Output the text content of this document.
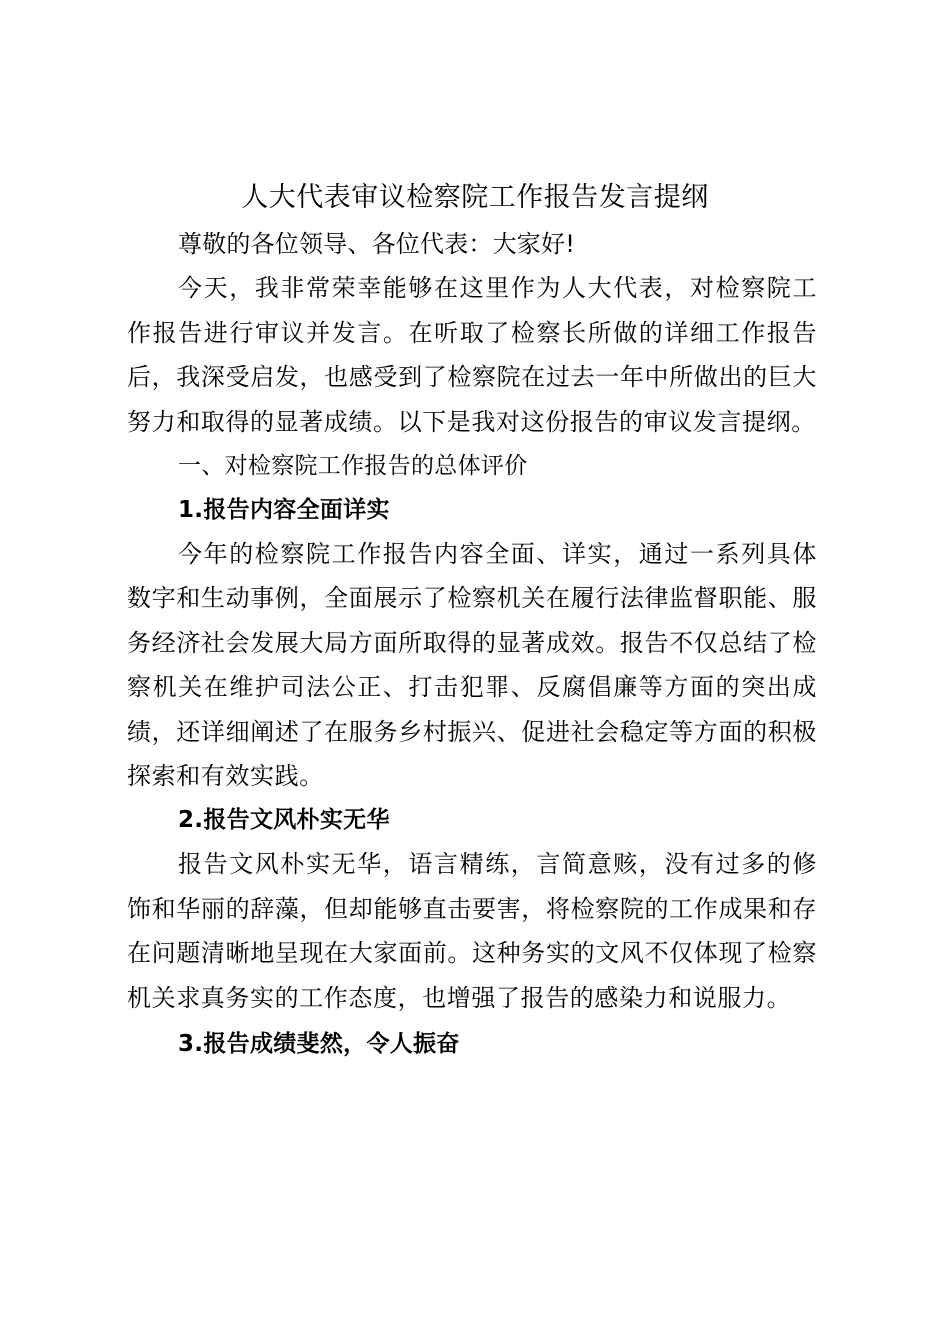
人大代表审议检察院工作报告发言提纲

尊敬的各位领导、各位代表：大家好!

今天，我非常荣幸能够在这里作为人大代表，对检察院工作报告进行审议并发言。在听取了检察长所做的详细工作报告后，我深受启发，也感受到了检察院在过去一年中所做出的巨大努力和取得的显著成绩。以下是我对这份报告的审议发言提纲。

一、对检察院工作报告的总体评价

1.报告内容全面详实

今年的检察院工作报告内容全面、详实，通过一系列具体数字和生动事例，全面展示了检察机关在履行法律监督职能、服务经济社会发展大局方面所取得的显著成效。报告不仅总结了检察机关在维护司法公正、打击犯罪、反腐倡廉等方面的突出成绩，还详细阐述了在服务乡村振兴、促进社会稳定等方面的积极探索和有效实践。

2.报告文风朴实无华

报告文风朴实无华，语言精练，言简意赅，没有过多的修饰和华丽的辞藻，但却能够直击要害，将检察院的工作成果和存在问题清晰地呈现在大家面前。这种务实的文风不仅体现了检察机关求真务实的工作态度，也增强了报告的感染力和说服力。

3.报告成绩斐然，令人振奋
